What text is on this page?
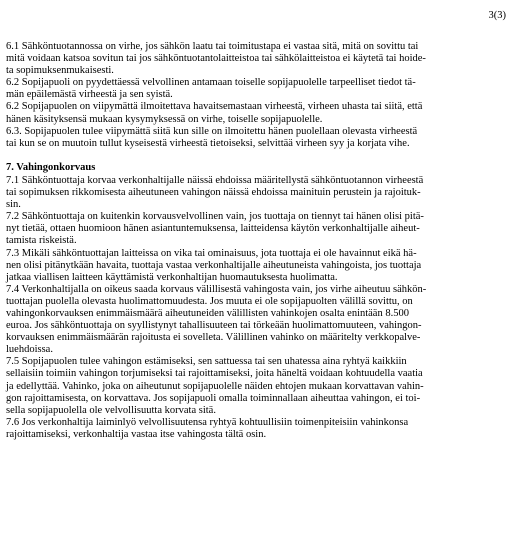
3(3)
6.1 Sähköntuotannossa on virhe, jos sähkön laatu tai toimitustapa ei vastaa sitä, mitä on sovittu tai
mitä voidaan katsoa sovitun tai jos sähköntuotantolaitteistoa tai sähkölaitteistoa ei käytetä tai hoide-
ta sopimuksenmukaisesti.
6.2 Sopijapuoli on pyydettäessä velvollinen antamaan toiselle sopijapuolelle tarpeelliset tiedot tä-
män epäilemästä virheestä ja sen syistä.
6.2 Sopijapuolen on viipymättä ilmoitettava havaitsemastaan virheestä, virheen uhasta tai siitä, että
hänen käsityksensä mukaan kysymyksessä on virhe, toiselle sopijapuolelle.
6.3. Sopijapuolen tulee viipymättä siitä kun sille on ilmoitettu hänen puolellaan olevasta virheestä
tai kun se on muutoin tullut kyseisestä virheestä tietoiseksi, selvittää virheen syy ja korjata vihe.
7. Vahingonkorvaus
7.1 Sähköntuottaja korvaa verkonhaltijalle näissä ehdoissa määritellystä sähköntuotannon virheestä
tai sopimuksen rikkomisesta aiheutuneen vahingon näissä ehdoissa mainituin perustein ja rajoituk-
sin.
7.2 Sähköntuottaja on kuitenkin korvausvelvollinen vain, jos tuottaja on tiennyt tai hänen olisi pitä-
nyt tietää, ottaen huomioon hänen asiantuntemuksensa, laitteidensa käytön verkonhaltijalle aiheut-
tamista riskeistä.
7.3 Mikäli sähköntuottajan laitteissa on vika tai ominaisuus, jota tuottaja ei ole havainnut eikä hä-
nen olisi pitänytkään havaita, tuottaja vastaa verkonhaltijalle aiheutuneista vahingoista, jos tuottaja
jatkaa viallisen laitteen käyttämistä verkonhaltijan huomautuksesta huolimatta.
7.4 Verkonhaltijalla on oikeus saada korvaus välillisestä vahingosta vain, jos virhe aiheutuu sähkön-
tuottajan puolella olevasta huolimattomuudesta. Jos muuta ei ole sopijapuolten välillä sovittu, on
vahingonkorvauksen enimmäismäärä aiheutuneiden välillisten vahinkojen osalta enintään 8.500
euroa. Jos sähköntuottaja on syyllistynyt tahallisuuteen tai törkeään huolimattomuuteen, vahingon-
korvauksen enimmäismäärän rajoitusta ei sovelleta. Välillinen vahinko on määritelty verkkopalve-
luehdoissa.
7.5 Sopijapuolen tulee vahingon estämiseksi, sen sattuessa tai sen uhatessa aina ryhtyä kaikkiin
sellaisiin toimiin vahingon torjumiseksi tai rajoittamiseksi, joita häneltä voidaan kohtuudella vaatia
ja edellyttää. Vahinko, joka on aiheutunut sopijapuolelle näiden ehtojen mukaan korvattavan vahin-
gon rajoittamisesta, on korvattava. Jos sopijapuoli omalla toiminnallaan aiheuttaa vahingon, ei toi-
sella sopijapuolella ole velvollisuutta korvata sitä.
7.6 Jos verkonhaltija laiminlyö velvollisuutensa ryhtyä kohtuullisiin toimenpiteisiin vahinkonsa
rajoittamiseksi, verkonhaltija vastaa itse vahingosta tältä osin.
